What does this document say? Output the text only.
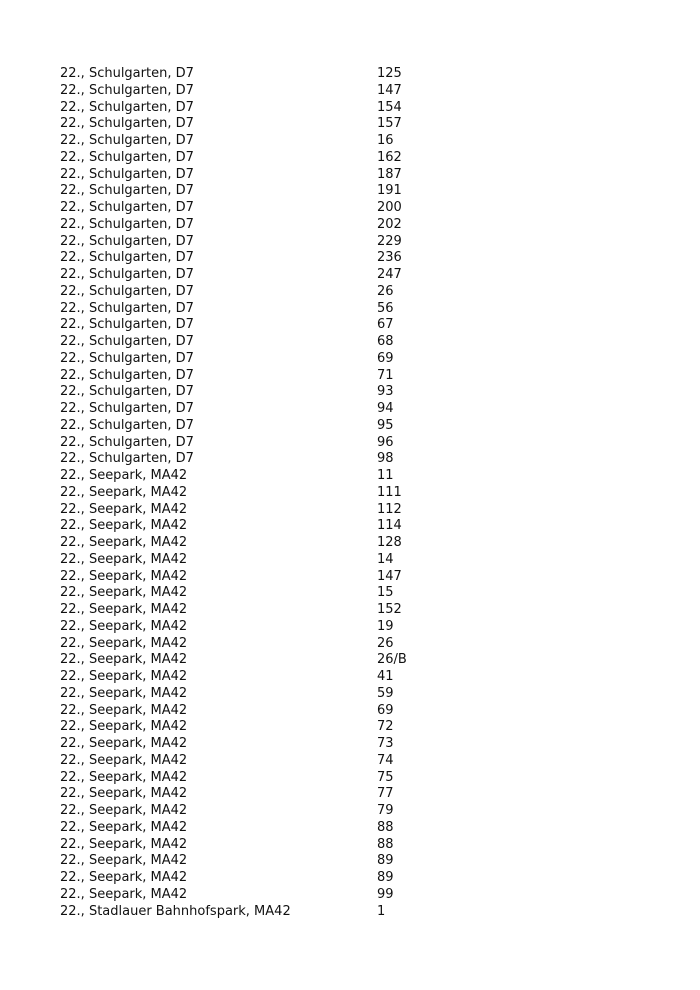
22., Schulgarten, D7	125
22., Schulgarten, D7	147
22., Schulgarten, D7	154
22., Schulgarten, D7	157
22., Schulgarten, D7	16
22., Schulgarten, D7	162
22., Schulgarten, D7	187
22., Schulgarten, D7	191
22., Schulgarten, D7	200
22., Schulgarten, D7	202
22., Schulgarten, D7	229
22., Schulgarten, D7	236
22., Schulgarten, D7	247
22., Schulgarten, D7	26
22., Schulgarten, D7	56
22., Schulgarten, D7	67
22., Schulgarten, D7	68
22., Schulgarten, D7	69
22., Schulgarten, D7	71
22., Schulgarten, D7	93
22., Schulgarten, D7	94
22., Schulgarten, D7	95
22., Schulgarten, D7	96
22., Schulgarten, D7	98
22., Seepark, MA42	11
22., Seepark, MA42	111
22., Seepark, MA42	112
22., Seepark, MA42	114
22., Seepark, MA42	128
22., Seepark, MA42	14
22., Seepark, MA42	147
22., Seepark, MA42	15
22., Seepark, MA42	152
22., Seepark, MA42	19
22., Seepark, MA42	26
22., Seepark, MA42	26/B
22., Seepark, MA42	41
22., Seepark, MA42	59
22., Seepark, MA42	69
22., Seepark, MA42	72
22., Seepark, MA42	73
22., Seepark, MA42	74
22., Seepark, MA42	75
22., Seepark, MA42	77
22., Seepark, MA42	79
22., Seepark, MA42	88
22., Seepark, MA42	88
22., Seepark, MA42	89
22., Seepark, MA42	89
22., Seepark, MA42	99
22., Stadlauer Bahnhofspark, MA42	1
